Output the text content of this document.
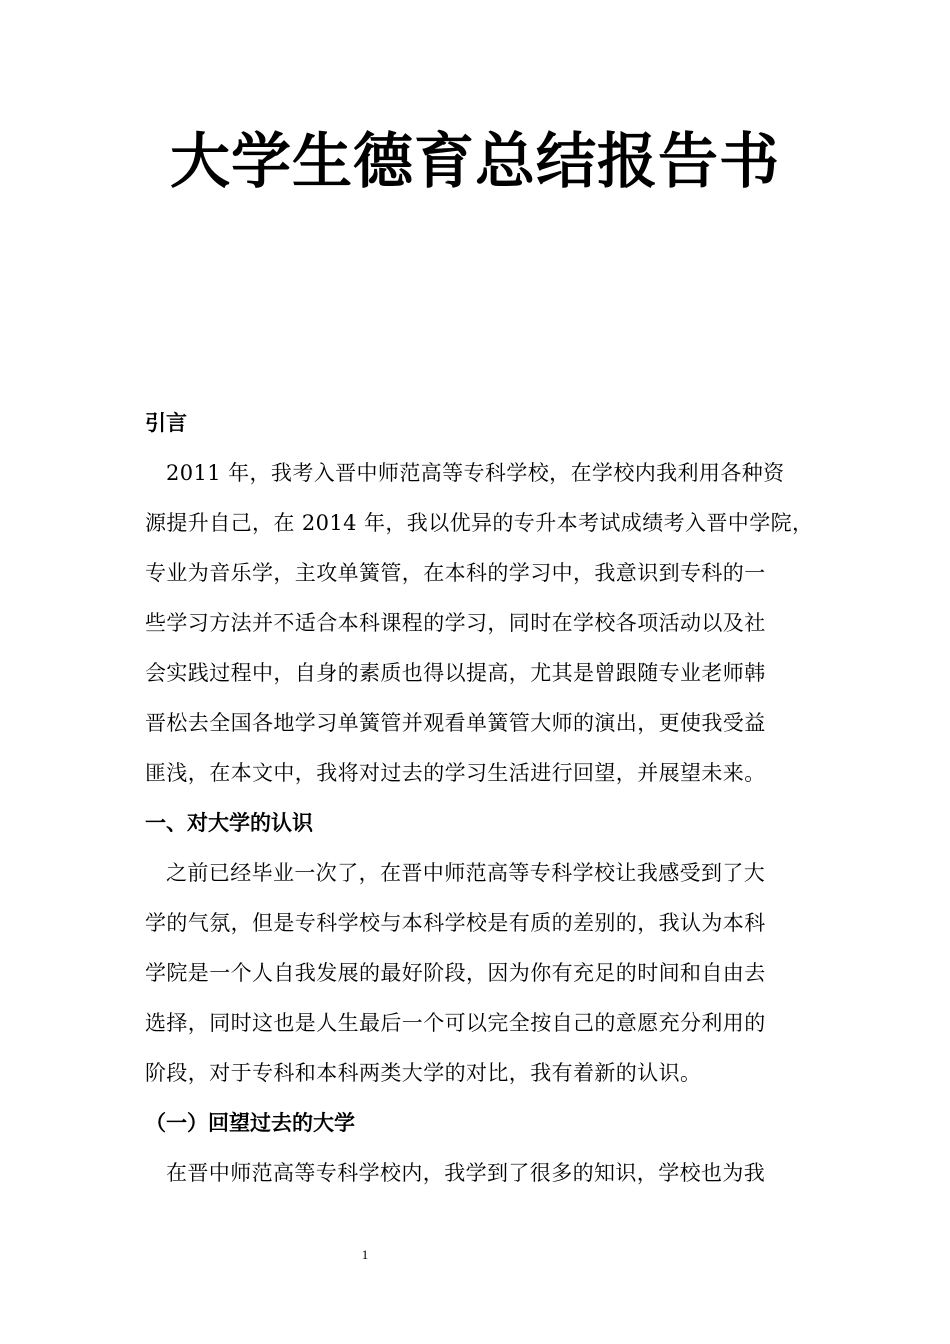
大学生德育总结报告书

引言

2011 年，我考入晋中师范高等专科学校，在学校内我利用各种资

源提升自己，在 2014 年，我以优异的专升本考试成绩考入晋中学院，

专业为音乐学，主攻单簧管，在本科的学习中，我意识到专科的一

些学习方法并不适合本科课程的学习，同时在学校各项活动以及社

会实践过程中，自身的素质也得以提高，尤其是曾跟随专业老师韩

晋松去全国各地学习单簧管并观看单簧管大师的演出，更使我受益

匪浅，在本文中，我将对过去的学习生活进行回望，并展望未来。

一、对大学的认识

之前已经毕业一次了，在晋中师范高等专科学校让我感受到了大

学的气氛，但是专科学校与本科学校是有质的差别的，我认为本科

学院是一个人自我发展的最好阶段，因为你有充足的时间和自由去

选择，同时这也是人生最后一个可以完全按自己的意愿充分利用的

阶段，对于专科和本科两类大学的对比，我有着新的认识。

（一）回望过去的大学

在晋中师范高等专科学校内，我学到了很多的知识，学校也为我

1
